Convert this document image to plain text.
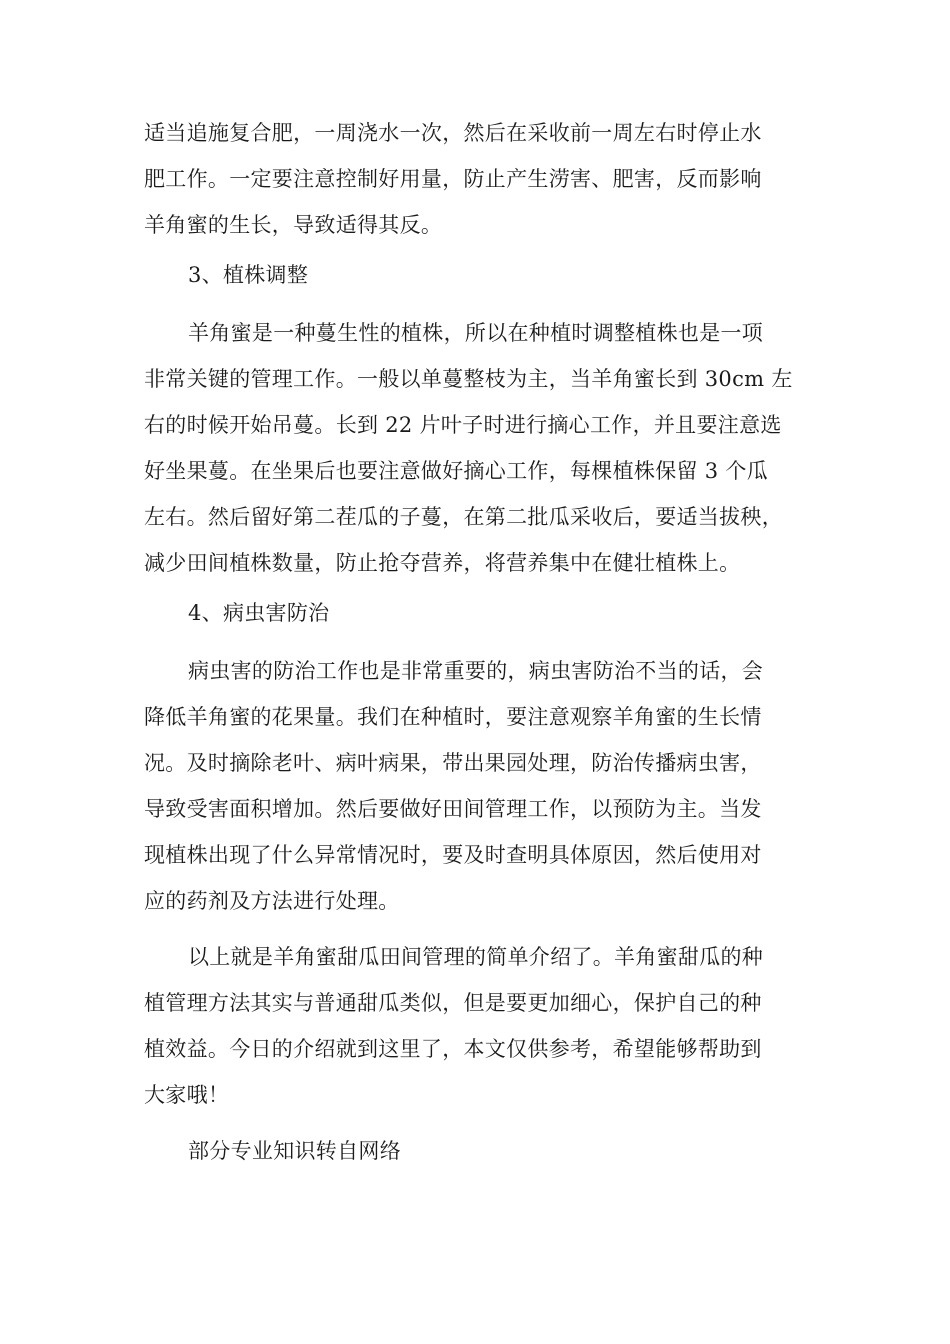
适当追施复合肥，一周浇水一次，然后在采收前一周左右时停止水
肥工作。一定要注意控制好用量，防止产生涝害、肥害，反而影响
羊角蜜的生长，导致适得其反。
3、植株调整
羊角蜜是一种蔓生性的植株，所以在种植时调整植株也是一项
非常关键的管理工作。一般以单蔓整枝为主，当羊角蜜长到 30cm 左
右的时候开始吊蔓。长到 22 片叶子时进行摘心工作，并且要注意选
好坐果蔓。在坐果后也要注意做好摘心工作，每棵植株保留 3 个瓜
左右。然后留好第二茬瓜的子蔓，在第二批瓜采收后，要适当拔秧，
减少田间植株数量，防止抢夺营养，将营养集中在健壮植株上。
4、病虫害防治
病虫害的防治工作也是非常重要的，病虫害防治不当的话，会
降低羊角蜜的花果量。我们在种植时，要注意观察羊角蜜的生长情
况。及时摘除老叶、病叶病果，带出果园处理，防治传播病虫害，
导致受害面积增加。然后要做好田间管理工作，以预防为主。当发
现植株出现了什么异常情况时，要及时查明具体原因，然后使用对
应的药剂及方法进行处理。
以上就是羊角蜜甜瓜田间管理的简单介绍了。羊角蜜甜瓜的种
植管理方法其实与普通甜瓜类似，但是要更加细心，保护自己的种
植效益。今日的介绍就到这里了，本文仅供参考，希望能够帮助到
大家哦！
部分专业知识转自网络
